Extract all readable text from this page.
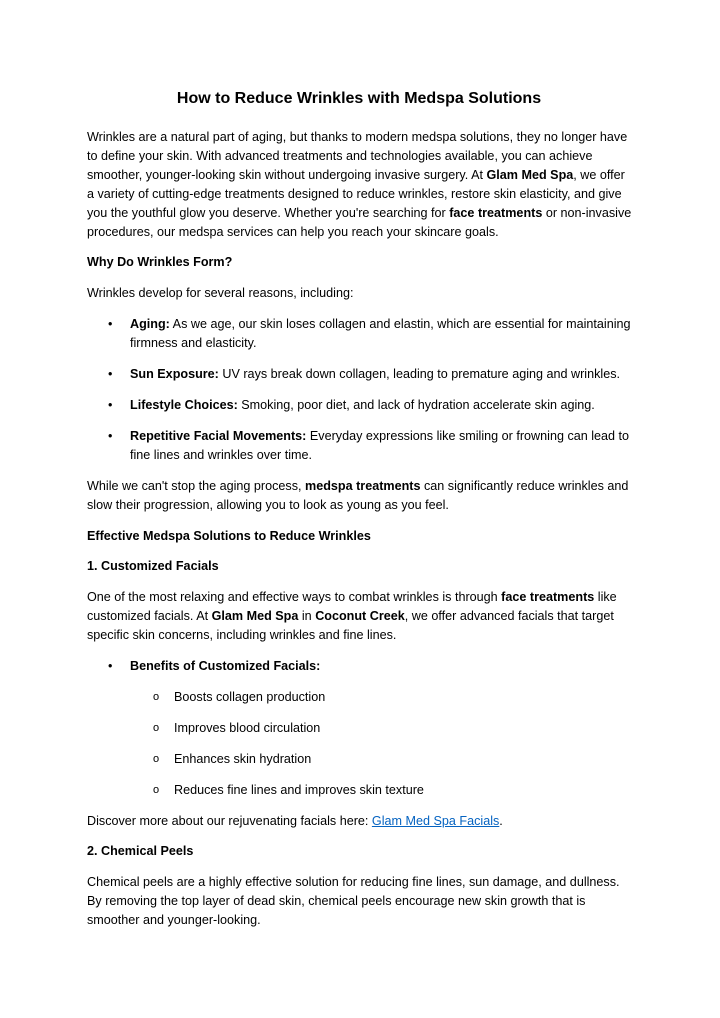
How to Reduce Wrinkles with Medspa Solutions

Wrinkles are a natural part of aging, but thanks to modern medspa solutions, they no longer have to define your skin. With advanced treatments and technologies available, you can achieve smoother, younger-looking skin without undergoing invasive surgery. At Glam Med Spa, we offer a variety of cutting-edge treatments designed to reduce wrinkles, restore skin elasticity, and give you the youthful glow you deserve. Whether you're searching for face treatments or non-invasive procedures, our medspa services can help you reach your skincare goals.

Why Do Wrinkles Form?

Wrinkles develop for several reasons, including:

• Aging: As we age, our skin loses collagen and elastin, which are essential for maintaining firmness and elasticity.
• Sun Exposure: UV rays break down collagen, leading to premature aging and wrinkles.
• Lifestyle Choices: Smoking, poor diet, and lack of hydration accelerate skin aging.
• Repetitive Facial Movements: Everyday expressions like smiling or frowning can lead to fine lines and wrinkles over time.

While we can't stop the aging process, medspa treatments can significantly reduce wrinkles and slow their progression, allowing you to look as young as you feel.

Effective Medspa Solutions to Reduce Wrinkles
1. Customized Facials

One of the most relaxing and effective ways to combat wrinkles is through face treatments like customized facials. At Glam Med Spa in Coconut Creek, we offer advanced facials that target specific skin concerns, including wrinkles and fine lines.

• Benefits of Customized Facials:
o Boosts collagen production
o Improves blood circulation
o Enhances skin hydration
o Reduces fine lines and improves skin texture

Discover more about our rejuvenating facials here: Glam Med Spa Facials.

2. Chemical Peels

Chemical peels are a highly effective solution for reducing fine lines, sun damage, and dullness. By removing the top layer of dead skin, chemical peels encourage new skin growth that is smoother and younger-looking.
